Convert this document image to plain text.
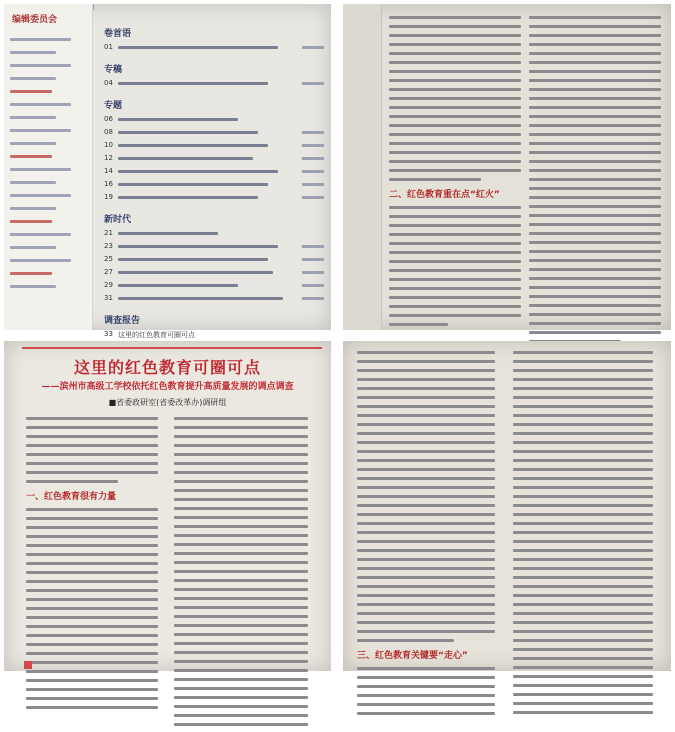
编辑委员会
卷首语
01
专稿
04
专题
06
08
10
12
14
16
19
新时代
21
23
25
27
29
31
调查报告
33 这里的红色教育可圈可点
二、红色教育重在点“红火”
这里的红色教育可圈可点
——滨州市高级工学校依托红色教育提升高质量发展的调点调查
■省委政研室(省委改革办)调研组
一、红色教育很有力量
三、红色教育关键要“走心”
